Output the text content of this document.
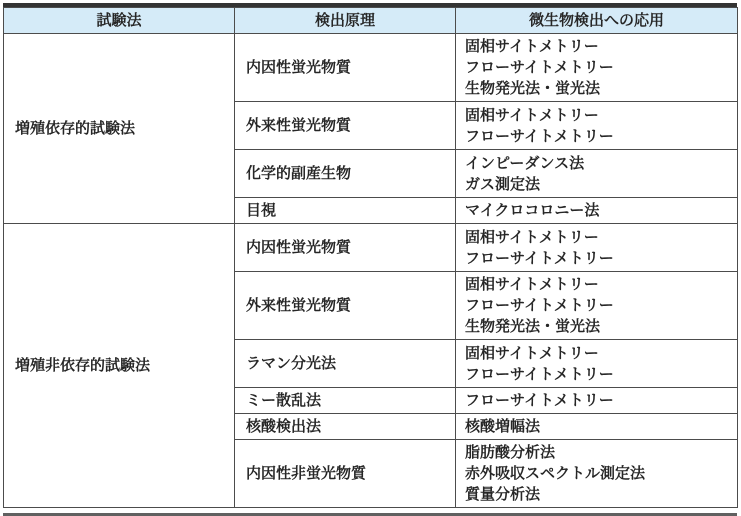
試験法	検出原理	微生物検出への応用
増殖依存的試験法	内因性蛍光物質	固相サイトメトリー
フローサイトメトリー
生物発光法・蛍光法

	外来性蛍光物質	固相サイトメトリー
フローサイトメトリー

	化学的副産生物	インピーダンス法
ガス測定法

	目視	マイクロコロニー法

増殖非依存的試験法	内因性蛍光物質	固相サイトメトリー
フローサイトメトリー

	外来性蛍光物質	固相サイトメトリー
フローサイトメトリー
生物発光法・蛍光法

	ラマン分光法	固相サイトメトリー
フローサイトメトリー

	ミー散乱法	フローサイトメトリー

	核酸検出法	核酸増幅法

	内因性非蛍光物質	脂肪酸分析法
赤外吸収スペクトル測定法
質量分析法
